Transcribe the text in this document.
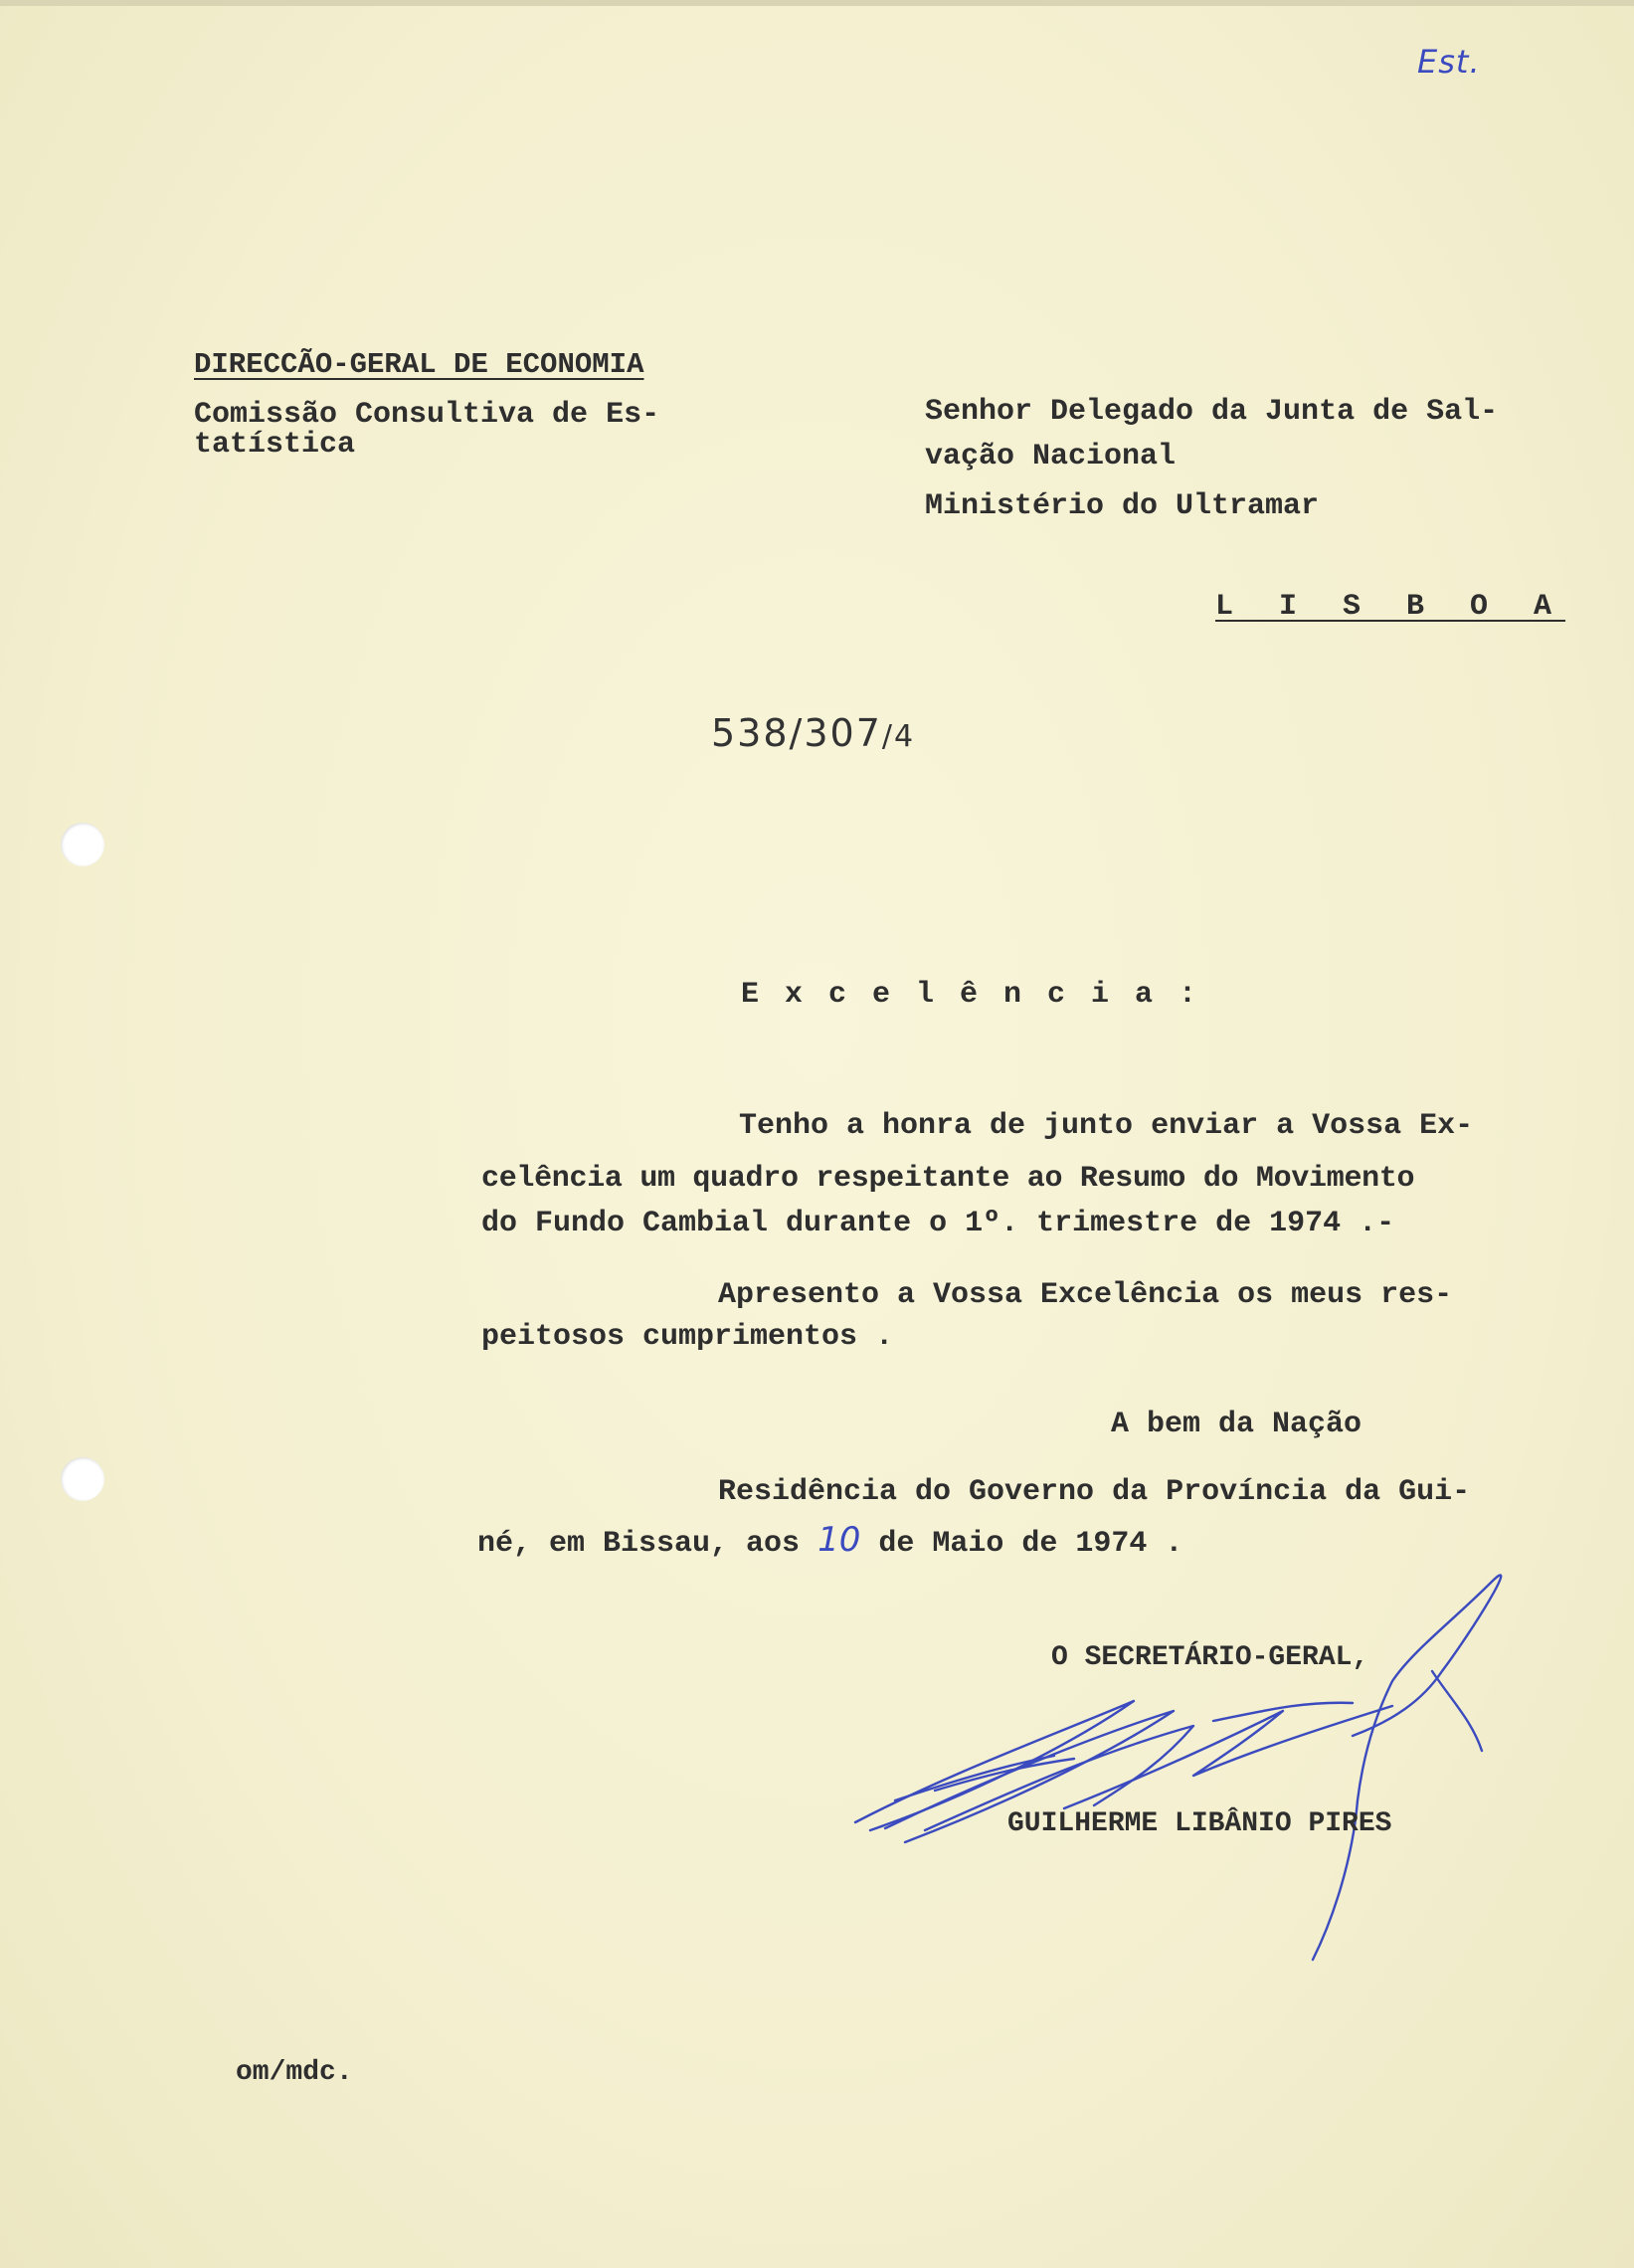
Est.

DIRECCÃO-GERAL DE ECONOMIA

Comissão Consultiva de Es-

tatística

Senhor Delegado da Junta de Sal-

vação Nacional

Ministério do Ultramar

L I S B O A

538/307/4

E x c e l ê n c i a :

Tenho a honra de junto enviar a Vossa Ex-

celência um quadro respeitante ao Resumo do Movimento

do Fundo Cambial durante o 1º. trimestre de 1974 .-

Apresento a Vossa Excelência os meus res-

peitosos cumprimentos .

A bem da Nação

Residência do Governo da Província da Gui-

né, em Bissau, aos 10 de Maio de 1974 .

O SECRETÁRIO-GERAL,

GUILHERME LIBÂNIO PIRES

om/mdc.
